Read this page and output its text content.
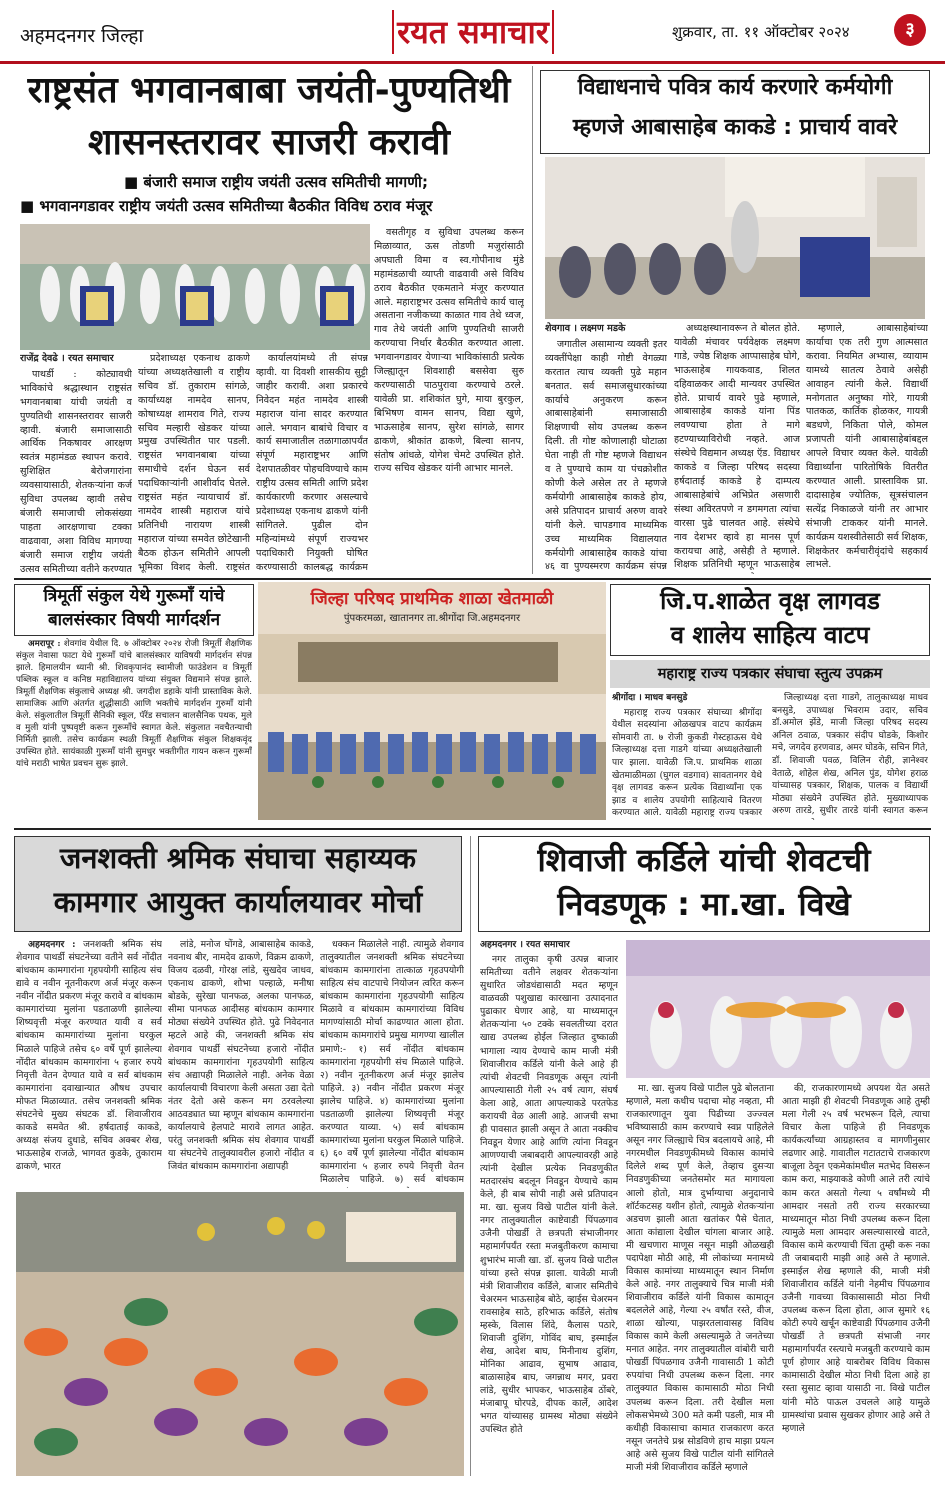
अहमदनगर जिल्हा	रयत समाचार	शुक्रवार, ता. ११ ऑक्टोबर २०२४	३
राष्ट्रसंत भगवानबाबा जयंती-पुण्यतिथी
शासनस्तरावर साजरी करावी
■ बंजारी समाज राष्ट्रीय जयंती उत्सव समितीची मागणी;
■ भगवानगडावर राष्ट्रीय जयंती उत्सव समितीच्या बैठकीत विविध ठराव मंजूर

राजेंद्र देवढे । रयत समाचार

पाथर्डी : कोट्यावधी भाविकांचे श्रद्धास्थान राष्ट्रसंत भगवानबाबा यांची जयंती व पुण्यतिथी शासनस्तरावर साजरी व्हावी. बंजारी समाजासाठी आर्थिक निकषावर आरक्षण स्वतंत्र महामंडळ स्थापन करावे. सुशिक्षित बेरोजगारांना व्यवसायासाठी, शेतकऱ्यांना कर्ज सुविधा उपलब्ध व्हावी तसेच बंजारी समाजाची लोकसंख्या पाहता आरक्षणाचा टक्का वाढवावा, अशा विविध मागण्या बंजारी समाज राष्ट्रीय जयंती उत्सव समितीच्या वतीने करण्यात

प्रदेशाध्यक्ष एकनाथ ढाकणे यांच्या अध्यक्षतेखाली व राष्ट्रीय सचिव डॉ. तुकाराम सांगळे, कार्याध्यक्ष नामदेव सानप, कोषाध्यक्ष शामराव गिते, राज्य सचिव मल्हारी खेडकर यांच्या प्रमुख उपस्थितीत पार पडली. राष्ट्रसंत भगवानबाबा यांच्या समाधीचे दर्शन घेऊन सर्व पदाधिकाऱ्यांनी आशीर्वाद घेतले. राष्ट्रसंत महंत न्यायाचार्य डॉ. नामदेव शास्त्री महाराज यांचे प्रतिनिधी नारायण शास्त्री महाराज यांच्या समवेत छोटेखानी बैठक होऊन समितीने आपली भूमिका विशद केली. राष्ट्रसंत

कार्यालयांमध्ये ती संपन्न व्हावी. या दिवशी शासकीय सुट्टी जाहीर करावी. अशा प्रकारचे निवेदन महंत नामदेव शास्त्री महाराज यांना सादर करण्यात आले. भगवान बाबांचे विचार व कार्य समाजातील तळागाळापर्यंत संपूर्ण महाराष्ट्रभर आणि देशपातळीवर पोहचविण्याचे काम राष्ट्रीय उत्सव समिती आणि प्रदेश कार्यकारणी करणार असल्याचे प्रदेशाध्यक्ष एकनाथ ढाकणे यांनी सांगितले. पुढील दोन महिन्यांमध्ये संपूर्ण राज्यभर पदाधिकारी नियुक्ती घोषित करण्यासाठी कालबद्ध कार्यक्रम

वसतीगृह व सुविधा उपलब्ध करून मिळाव्यात, ऊस तोडणी मजुरांसाठी अपघाती विमा व स्व.गोपीनाथ मुंडे महामंडळाची व्याप्ती वाढवावी असे विविध ठराव बैठकीत एकमताने मंजूर करण्यात आले. महाराष्ट्रभर उत्सव समितीचे कार्य चालू असताना नजीकच्या काळात गाव तेथे ध्वज, गाव तेथे जयंती आणि पुण्यतिथी साजरी करण्याचा निर्धार बैठकीत करण्यात आला. भगवानगडावर येणाऱ्या भाविकांसाठी प्रत्येक जिल्ह्यातून शिवशाही बससेवा सुरु करण्यासाठी पाठपुरावा करण्याचे ठरले. यावेळी प्रा. शशिकांत घुगे, माया बुरकुल, बिभिषण वामन सानप, विद्या खुणे, भाऊसाहेब सानप, सुरेश सांगळे, सागर ढाकणे, श्रीकांत ढाकणे, बिल्वा सानप, संतोष आंधळे, योगेश चेमटे उपस्थित होते. राज्य सचिव खेडकर यांनी आभार मानले.

विद्याधनाचे पवित्र कार्य करणारे कर्मयोगी
म्हणजे आबासाहेब काकडे : प्राचार्य वावरे

शेवगाव । लक्ष्मण मडके

जगातील असामान्य व्यक्ती इतर व्यक्तींपेक्षा काही गोष्टी वेगळ्या करतात त्याच व्यक्ती पुढे महान बनतात. सर्व समाजसुधारकांच्या कार्याचे अनुकरण करून आबासाहेबांनी समाजासाठी शिक्षणाची सोय उपलब्ध करून दिली. ती गोष्ट कोणालाही घोटाळा घेता नाही ती गोष्ट म्हणजे विद्याधन व ते पुण्याचे काम या पंचक्रोशीत कोणी केले असेल तर ते म्हणजे कर्मयोगी आबासाहेब काकडे होय, असे प्रतिपादन प्राचार्य अरुण वावरे यांनी केले. चापडगाव माध्यमिक उच्च माध्यमिक विद्यालयात कर्मयोगी आबासाहेब काकडे यांचा ४६ वा पुण्यस्मरण कार्यक्रम संपन्न

अध्यक्षस्थानावरून ते बोलत होते. यावेळी मंचावर पर्यवेक्षक लक्ष्मण गाडे, ज्येष्ठ शिक्षक आप्पासाहेब घोगे, भाऊसाहेब गायकवाड, शिलत दहिवाळकर आदी मान्यवर उपस्थित होते. प्राचार्य वावरे पुढे म्हणाले, आबासाहेब काकडे यांना पिंड लवण्याचा होता ते मागे हटण्याच्याविरोधी नव्हते. आज संस्थेचे विद्यमान अध्यक्ष ऍड. विद्याधर काकडे व जिल्हा परिषद सदस्या हर्षदाताई काकडे हे दाम्पत्य आबासाहेबांचे अभिप्रेत असणारी संस्था अविरतपणे न डगमगता त्यांचा वारसा पुढे चालवत आहे. संस्थेचे नाव देशभर व्हावे हा मानस पूर्ण करायचा आहे, असेही ते म्हणाले. शिक्षक प्रतिनिधी म्हणून भाऊसाहेब

म्हणाले, आबासाहेबांच्या कार्याचा एक तरी गुण आत्मसात करावा. नियमित अभ्यास, व्यायाम यामध्ये सातत्य ठेवावे असेही आवाहन त्यांनी केले. विद्यार्थी मनोगतात अनुष्का गोरे, गायत्री पातकळ, कार्तिक होळकर, गायत्री बडधणे, निकिता पोले, कोमल प्रजापती यांनी आबासाहेबांबद्दल आपले विचार व्यक्त केले. यावेळी विद्यार्थ्यांना पारितोषिके वितरीत करण्यात आली. प्रास्ताविक प्रा. दादासाहेब ज्योतिक, सूत्रसंचालन सत्येंद्र निकाळजे यांनी तर आभार संभाजी टाककर यांनी मानले. कार्यक्रम यशस्वीतेसाठी सर्व शिक्षक, शिक्षकेतर कर्मचारीवृंदांचे सहकार्य लाभले.

त्रिमूर्ती संकुल येथे गुरूमाँ यांचे
बालसंस्कार विषयी मार्गदर्शन

अमरापूर : शेवगांव येथील दि. ७ ऑक्टोबर २०२४ रोजी त्रिमूर्ती शैक्षणिक संकुल नेवासा फाटा येथे गुरूमाँ यांचे बालसंस्कार याविषयी मार्गदर्शन संपन्न झाले. हिमालयीन ध्यानी श्री. शिवकृपानंद स्वामीजी फाउंडेशन व त्रिमूर्ती पब्लिक स्कूल व कनिष्ठ महाविद्यालय यांच्या संयुक्त विद्यमाने संपन्न झाले. त्रिमूर्ती शैक्षणिक संकुलाचे अध्यक्ष श्री. जगदीश डहाके यांनी प्रास्ताविक केले. सामाजिक आणि अंतर्गत शुद्धीसाठी आणि भक्तीचे मार्गदर्शन गुरुमाँ यांनी केले. संकुलातील त्रिमूर्ती सैनिकी स्कूल, पॅरेंड सचालन बालसैनिक पथक, मुले व मुली यांनी पुष्पवृष्टी करून गुरूमाँचे स्वागत केले. संकुलात नवचैतन्याची निर्मिती झाली. तसेच कार्यक्रम स्थळी त्रिमूर्ती शैक्षणिक संकुल शिक्षकवृंद उपस्थित होते. सायंकाळी गुरूमाँ यांनी सुमधुर भक्तीगीत गायन करून गुरूमाँ यांचे मराठी भाषेत प्रवचन सुरू झाले.

जिल्हा परिषद प्राथमिक शाळा खेतमाळी
पुंपकरमळा, खातानगर ता.श्रीगोंदा जि.अहमदनगर
जि.प.शाळेत वृक्ष लागवड
व शालेय साहित्य वाटप
महाराष्ट्र राज्य पत्रकार संघाचा स्तुत्य उपक्रम

श्रीगोंदा । माधव बनसुडे

महाराष्ट्र राज्य पत्रकार संघाच्या श्रीगोंदा येथील सदस्यांना ओळखपत्र वाटप कार्यक्रम सोमवारी ता. ७ रोजी कुकडी गेस्टहाऊस येथे जिल्हाध्यक्ष दत्ता गाडगे यांच्या अध्यक्षतेखाली पार झाला. यावेळी जि.प. प्राथमिक शाळा खेतमाळीमळा (घुगल वडगाव) सावतानगर येथे वृक्ष लागवड करून प्रत्येक विद्यार्थ्यांना एक झाड व शालेय उपयोगी साहित्याचे वितरण करण्यात आले. यावेळी महाराष्ट्र राज्य पत्रकार

जिल्हाध्यक्ष दत्ता गाडगे, तालुकाध्यक्ष माधव बनसुडे, उपाध्यक्ष भिवराम उदार, सचिव डॉ.अमोल झेंडे, माजी जिल्हा परिषद सदस्य अनिल ठवाळ, पत्रकार संदीप घोडके, किशोर मचे, जगदेव हरणवाड, अमर घोडके, सचिन गिते, डॉ. शिवाजी पवळ, विलिन रोही, ज्ञानेश्वर वेताळे, शोहेल शेख, अनिल पुंड, योगेश हराळ यांच्यासह पत्रकार, शिक्षक, पालक व विद्यार्थी मोठ्या संख्येने उपस्थित होते. मुख्याध्यापक अरुण तारडे, सुधीर तारडे यांनी स्वागत करून

जनशक्ती श्रमिक संघाचा सहाय्यक
कामगार आयुक्त कार्यालयावर मोर्चा

अहमदनगर : जनशक्ती श्रमिक संघ शेवगाव पाथर्डी संघटनेच्या वतीने सर्व नोंदीत बांधकाम कामगारांना गृहपयोगी साहित्य संच द्यावे व नवीन नूतनीकरण अर्ज मंजूर करून नवीन नोंदीत प्रकरण मंजूर करावे व बांधकाम कामगारांच्या मुलांना पडताळणी झालेल्या शिष्यवृत्ती मंजूर करण्यात यावी व सर्व बांधकाम कामगारांच्या मुलांना घरकुल मिळाले पाहिजे तसेच ६० वर्षे पूर्ण झालेल्या नोंदीत बांधकाम कामगारांना ५ हजार रुपये निवृत्ती वेतन देण्यात यावे व सर्व बांधकाम कामगारांना दवाखान्यात औषध उपचार मोफत मिळाव्यात. तसेच जनशक्ती श्रमिक संघटनेचे मुख्य संघटक डॉ. शिवाजीराव काकडे समवेत श्री. हर्षदाताई काकडे, अध्यक्ष संजय दुधाडे, सचिव अक्बर शेख, भाऊसाहेब राजळे, भागवत कुडके, तुकाराम ढाकणे, भारत

लांडे, मनोज घोंगडे, आबासाहेब काकडे, नवनाथ बीर, नामदेव ढाकणे, विक्रम ढाकणे, विजय दळवी, गोरक्ष लांडे, सुखदेव जाधव, एकनाथ ढाकणे, शोभा पल्हाळे, मनीषा बोडके, सुरेखा पानफळ, अलका पानफळ, सीमा पानफळ आदीसह बांधकाम कामगार मोठ्या संख्येने उपस्थित होते. पुढे निवेदनात म्हटले आहे की, जनशक्ती श्रमिक संघ शेवगाव पाथर्डी संघटनेच्या हजारो नोंदीत बांधकाम कामगारांना गृहउपयोगी साहित्य संच अद्यापही मिळालेले नाही. अनेक वेळा कार्यालयाची विचारणा केली असता उद्या देतो नंतर देतो असे करून मग ठरवलेल्या आठवड्यात घ्या म्हणून बांधकाम कामगारांना कार्यालयाचे हेलपाटे मारावे लागत आहेत. परंतु जनशक्ती श्रमिक संघ शेवगाव पाथर्डी या संघटनेचे तालुक्यावरील हजारो नोंदीत व जिवंत बांधकाम कामगारांना अद्यापही

धक्कन मिळालेले नाही. त्यामुळे शेवगाव तालुक्यातील जनशक्ती श्रमिक संघटनेच्या बांधकाम कामगारांना तात्काळ गृहउपयोगी साहित्य संच वाटपाचे नियोजन त्वरित करून बांधकाम कामगारांना गृहउपयोगी साहित्य मिळावे व बांधकाम कामगारांच्या विविध मागण्यांसाठी मोर्चा काढण्यात आला होता. बांधकाम कामगारांचे प्रमुख मागण्या खालील प्रमाणे:- १) सर्व नोंदीत बांधकाम कामगारांना गृहपयोगी संच मिळाले पाहिजे. २) नवीन नूतनीकरण अर्ज मंजूर झालेच पाहिजे. ३) नवीन नोंदीत प्रकरण मंजूर झालेच पाहिजे. ४) कामगारांच्या मुलांना पडताळणी झालेल्या शिष्यवृत्ती मंजूर करण्यात याव्या. ५) सर्व बांधकाम कामगारांच्या मुलांना घरकुल मिळाले पाहिजे. ६) ६० वर्षे पूर्ण झालेल्या नोंदीत बांधकाम कामगारांना ५ हजार रुपये निवृत्ती वेतन मिळालेच पाहिजे. ७) सर्व बांधकाम

शिवाजी कर्डिले यांची शेवटची
निवडणूक : मा.खा. विखे

अहमदनगर । रयत समाचार

नगर तालुका कृषी उत्पन्न बाजार समितीच्या वतीने लक्षवर शेतकऱ्यांना सुधारित जोडधंद्यासाठी मदत म्हणून वाळवळी पशुखाद्य कारखाना उत्पादनात पुढाकार घेणार आहे, या माध्यमातून शेतकऱ्यांना ५० टक्के सवलतीच्या दरात खाद्य उपलब्ध होईल जिल्हात दुष्काळी भागाला न्याय देण्याचे काम माजी मंत्री शिवाजीराव कर्डिले यांनी केले आहे ही त्यांची शेवटची निवडणूक असून त्यांनी आपल्यासाठी गेली २५ वर्ष त्याग, संघर्ष केला आहे, आता आपल्याकडे परतफेड करायची वेळ आली आहे. आजची सभा ही पावसात झाली असून ते आता नक्कीच निवडून येणार आहे आणि त्यांना निवडून आणण्याची जबाबदारी आपल्यावरही आहे त्यांनी देखील प्रत्येक निवडणुकीत मतदारसंघ बदलून निवडून येण्याचे काम केले, ही बाब सोपी नाही असे प्रतिपादन मा. खा. सुजय विखे पाटील यांनी केले. नगर तालुक्यातील काष्टेवाडी पिंपळगाव उजैनी पोखर्डी ते छत्रपती संभाजीनगर महामार्गपर्यंत रस्ता मजबुतीकरण कामाचा शुभारंभ माजी खा. डॉ. सुजय विखे पाटील यांच्या हस्ते संपन्न झाला. यावेळी माजी मंत्री शिवाजीराव कर्डिले, बाजार समितीचे चेअरमन भाऊसाहेब बोठे, व्हाईस चेअरमन रावसाहेब साठे, हरिभाऊ कर्डिले, संतोष म्हस्के, विलास शिंदे, कैलास पठारे, शिवाजी दुशिंग, गोविंद बाघ, इस्माईल शेख, आदेश बाघ, मिनीनाथ दुशिंग, मोनिका आढाव, सुभाष आढाव, बाळासाहेब बाघ, जगन्नाथ मगर, प्रवरा लांडे, सुधीर भापकर, भाऊसाहेब ठोंबरे, मंजाबापू घोरपडे, दीपक कार्ले, आदेश भगत यांच्यासह ग्रामस्थ मोठ्या संख्येने उपस्थित होते

मा. खा. सुजय विखे पाटील पुढे बोलताना म्हणाले, मला कधीच पदाचा मोह नव्हता, मी राजकारणातून युवा पिढीच्या उज्ज्वल भविष्यासाठी काम करण्याचे स्वप्न पाहिलेले असून नगर जिल्ह्याचे चित्र बदलायचे आहे, मी नगरमधील निवडणुकीमध्ये विकास कामांचे दिलेले शब्द पूर्ण केले, तेव्हाच दुसऱ्या निवडणुकीच्या जनतेसमोर मत मागायला आलो होतो, मात्र दुर्भाग्याचा अनुदानाचे शॉर्टकटसह यशीन होतो, त्यामुळे शेतकऱ्यांना अडचण झाली आता खतांकर पैसे घेतात, आता कांद्याला देखील चांगला बाजार आहे. मी खचणारा माणूस नसून माझी ओळखही पदापेक्षा मोठी आहे, मी लोकांच्या मनामध्ये विकास कामांच्या माध्यमातून स्थान निर्माण केले आहे. नगर तालुक्याचे चित्र माजी मंत्री शिवाजीराव कर्डिले यांनी विकास कामातून बदललेले आहे, गेल्या २५ वर्षांत रस्ते, वीज, शाळा खोल्या, पाझरतलावासह विविध विकास कामे केली असल्यामुळे ते जनतेच्या मनात आहेत. नगर तालुक्यातील वांबोरी चारी पोखर्डी पिंपळगाव उजैनी गावासाठी 1 कोटी रुपयांचा निधी उपलब्ध करून दिला. नगर तालुक्यात विकास कामासाठी मोठा निधी उपलब्ध करून दिला. तरी देखील मला लोकसभेमध्ये 300 मते कमी पडली, मात्र मी कधीही विकासाचा कामात राजकारण करत नसून जनतेचे प्रश्न सोडविणे हाच माझा प्रयत्न आहे असे सुजय विखे पाटील यांनी सांगितले माजी मंत्री शिवाजीराव कर्डिले म्हणाले

की, राजकारणामध्ये अपयश येत असते आता माझी ही शेवटची निवडणूक आहे तुम्ही मला गेली २५ वर्ष भरभरून दिले, त्याचा विचार केला पाहिजे ही निवडणूक कार्यकर्त्यांच्या आग्रहास्तव व मागणीनुसार लढणार आहे. गावातील गटातटाचे राजकारण बाजूला ठेवून एकमेकांमधील मतभेद विसरून काम करा, माझ्याकडे कोणी आले तरी त्यांचे काम करत असतो गेल्या ५ वर्षांमध्ये मी आमदार नसतो तरी राज्य सरकारच्या माध्यमातून मोठा निधी उपलब्ध करून दिला त्यामुळे मला आमदार असल्यासारखे वाटते, विकास कामे करण्याची चिंता तुम्ही करू नका ती जबाबदारी माझी आहे असे ते म्हणाले. इस्माईल शेख म्हणाले की, माजी मंत्री शिवाजीराव कर्डिले यांनी नेहमीच पिंपळगाव उजैनी गावच्या विकासासाठी मोठा निधी उपलब्ध करून दिला होता, आज सुमारे १६ कोटी रुपये खर्चून काष्टेवाडी पिंपळगाव उजैनी पोखर्डी ते छत्रपती संभाजी नगर महामार्गापर्यंत रस्त्याचे मजबुती करण्याचे काम पूर्ण होणार आहे याबरोबर विविध विकास कामासाठी देखील मोठा निधी दिला आहे हा रस्ता सुसाट व्हावा यासाठी ना. विखे पाटील यांनी मोठे पाऊल उचलले आहे यामुळे ग्रामस्थांचा प्रवास सुखकर होणार आहे असे ते म्हणाले
